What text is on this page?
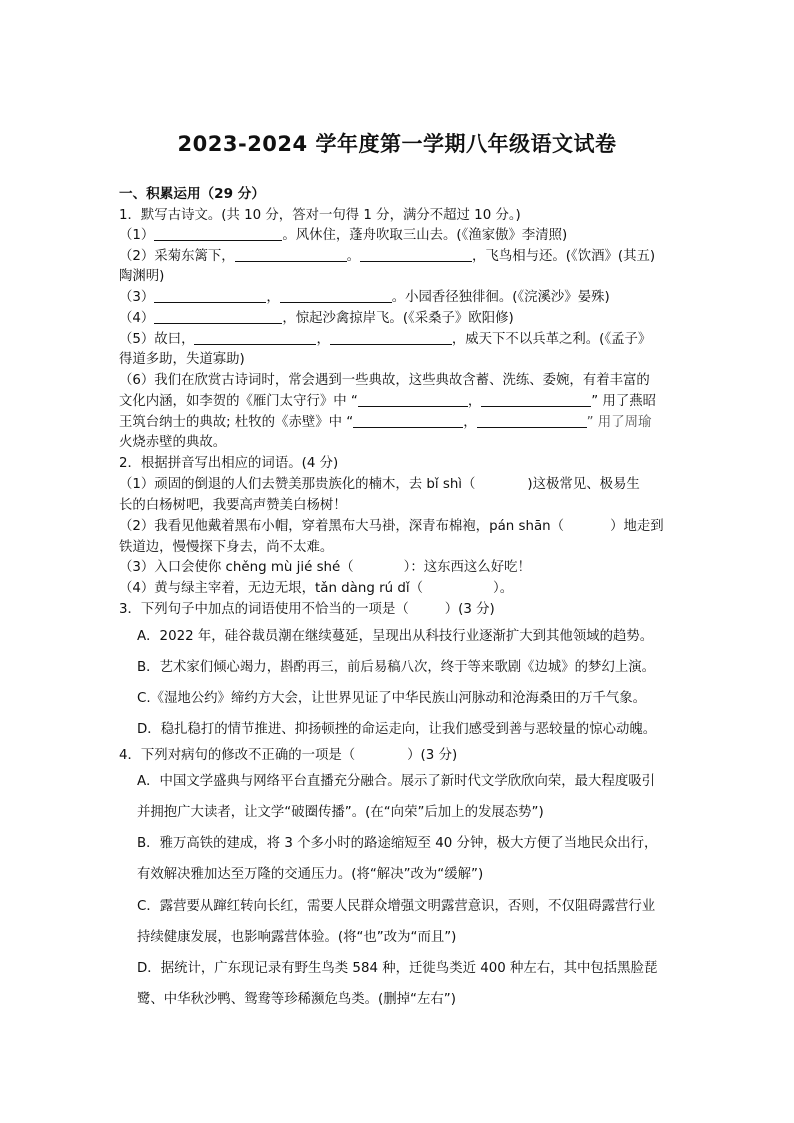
2023-2024 学年度第一学期八年级语文试卷
一、积累运用（29 分）
1．默写古诗文。(共 10 分，答对一句得 1 分，满分不超过 10 分。)
（1）	。风休住，蓬舟吹取三山去。(《渔家傲》李清照)
（2）采菊东篱下，	。	，飞鸟相与还。(《饮酒》(其五)
陶渊明)
（3）	，	。小园香径独徘徊。(《浣溪沙》晏殊)
（4）	，惊起沙禽掠岸飞。(《采桑子》欧阳修)
（5）故曰，	，	，威天下不以兵革之利。(《孟子》
得道多助，失道寡助)
（6）我们在欣赏古诗词时，常会遇到一些典故，这些典故含蓄、洗练、委婉，有着丰富的
文化内涵，如李贺的《雁门太守行》中 “	，	” 用了燕昭
王筑台纳士的典故; 杜牧的《赤壁》中 “	，	” 用了周瑜
火烧赤壁的典故。
2．根据拼音写出相应的词语。(4 分)
（1）顽固的倒退的人们去赞美那贵族化的楠木，去 bǐ shì（	)这极常见、极易生
长的白杨树吧，我要高声赞美白杨树！
（2）我看见他戴着黑布小帽，穿着黑布大马褂，深青布棉袍，pán shān（	）地走到
铁道边，慢慢探下身去，尚不太难。
（3）入口会使你 chěng mù jié shé（	）：这东西这么好吃！
（4）黄与绿主宰着，无边无垠，tǎn dàng rú dǐ（	）。
3．下列句子中加点的词语使用不恰当的一项是（	）(3 分)
A．2022 年，硅谷裁员潮在继续蔓延，呈现出从科技行业逐渐扩大到其他领域的趋势。
B．艺术家们倾心竭力，斟酌再三，前后易稿八次，终于等来歌剧《边城》的梦幻上演。
C.《湿地公约》缔约方大会，让世界见证了中华民族山河脉动和沧海桑田的万千气象。
D．稳扎稳打的情节推进、抑扬顿挫的命运走向，让我们感受到善与恶较量的惊心动魄。
4．下列对病句的修改不正确的一项是（	）(3 分)
A．中国文学盛典与网络平台直播充分融合。展示了新时代文学欣欣向荣，最大程度吸引
并拥抱广大读者，让文学“破圈传播”。(在“向荣”后加上的发展态势”)
B．雅万高铁的建成，将 3 个多小时的路途缩短至 40 分钟，极大方便了当地民众出行，
有效解决雅加达至万隆的交通压力。(将“解决”改为“缓解”)
C．露营要从蹿红转向长红，需要人民群众增强文明露营意识，否则，不仅阻碍露营行业
持续健康发展，也影响露营体验。(将“也”改为“而且”)
D．据统计，广东现记录有野生鸟类 584 种，迁徙鸟类近 400 种左右，其中包括黑脸琵
鹭、中华秋沙鸭、鸳鸯等珍稀濒危鸟类。(删掉“左右”)
